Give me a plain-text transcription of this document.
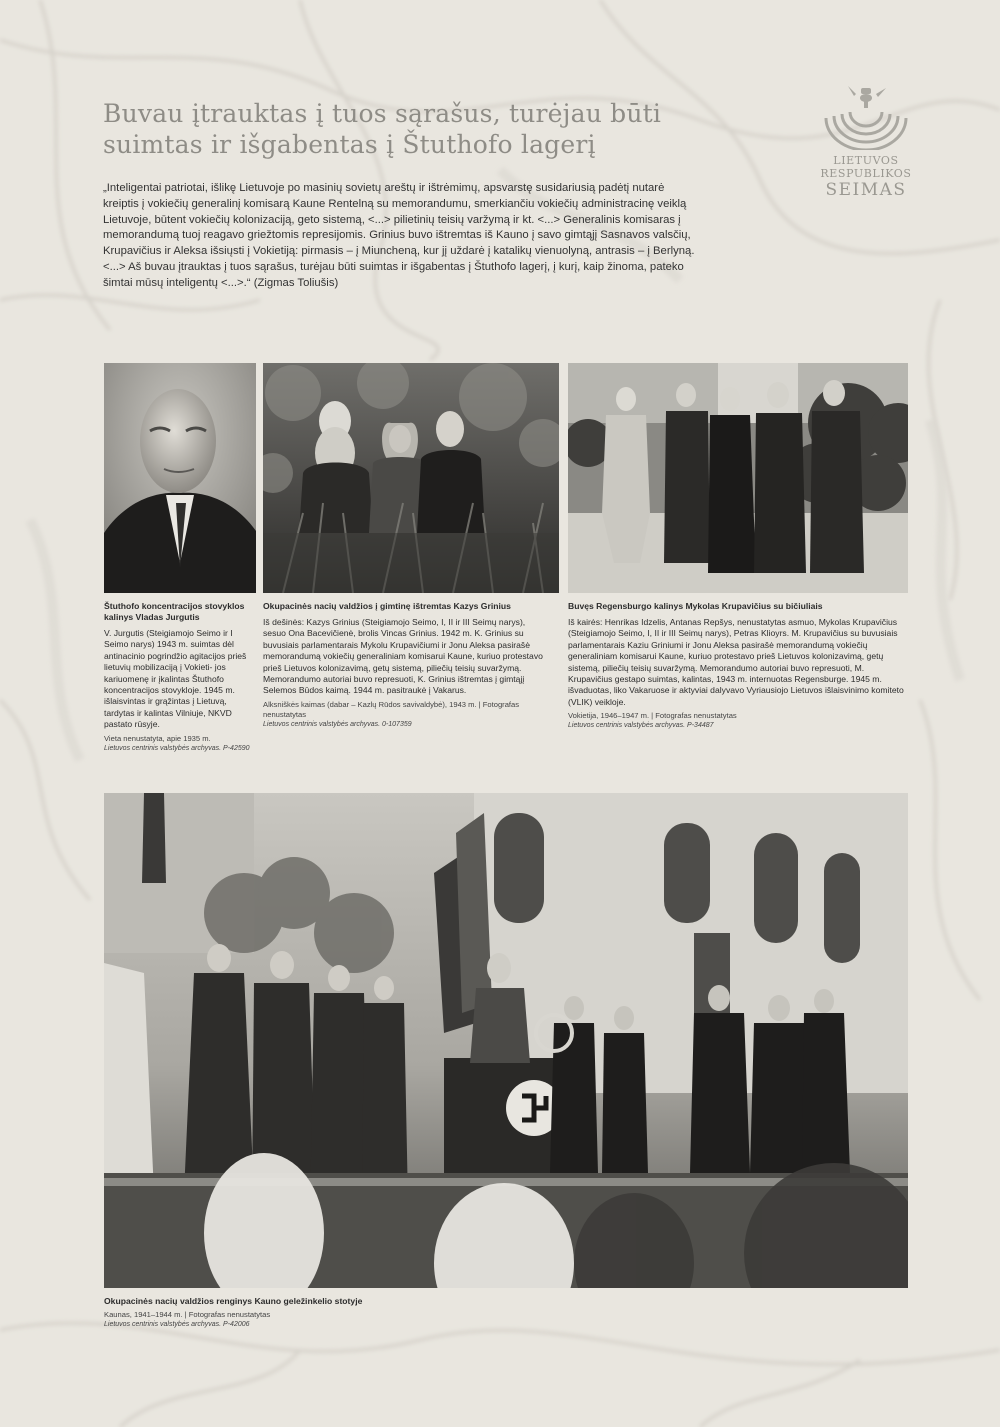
Buvau įtrauktas į tuos sąrašus, turėjau būti
suimtas ir išgabentas į Štuthofo lagerį
LIETUVOS RESPUBLIKOS
SEIMAS

„Inteligentai patriotai, išlikę Lietuvoje po masinių sovietų areštų ir ištrėmimų, apsvarstę susidariusią padėtį nutarė kreiptis į vokiečių generalinį komisarą Kaune Rentelną su memorandumu, smerkiančiu vokiečių administracinę veiklą Lietuvoje, būtent vokiečių kolonizaciją, geto sistemą, <...> pilietinių teisių varžymą ir kt. <...> Generalinis komisaras į memorandumą tuoj reagavo griežtomis represijomis. Grinius buvo ištremtas iš Kauno į savo gimtąjį Sasnavos valsčių, Krupavičius ir Aleksa išsiųsti į Vokietiją: pirmasis – į Miuncheną, kur jį uždarė į katalikų vienuolyną, antrasis – į Berlyną. <...> Aš buvau įtrauktas į tuos sąrašus, turėjau būti suimtas ir išgabentas į Štuthofo lagerį, į kurį, kaip žinoma, pateko šimtai mūsų inteligentų <...>.“ (Zigmas Toliušis)

Štuthofo koncentracijos stovyklos kalinys Vladas Jurgutis
V. Jurgutis (Steigiamojo Seimo ir I Seimo narys) 1943 m. suimtas dėl antinacinio pogrindžio agitacijos prieš lietuvių mobilizaciją į Vokieti- jos kariuomenę ir įkalintas Štuthofo koncentracijos stovykloje. 1945 m. išlaisvintas ir grąžintas į Lietuvą, tardytas ir kalintas Vilniuje, NKVD pastato rūsyje.
Vieta nenustatyta, apie 1935 m.
Lietuvos centrinis valstybės archyvas. P-42590
Okupacinės nacių valdžios į gimtinę ištremtas Kazys Grinius
Iš dešinės: Kazys Grinius (Steigiamojo Seimo, I, II ir III Seimų narys), sesuo Ona Bacevičienė, brolis Vincas Grinius. 1942 m. K. Grinius su buvusiais parlamentarais Mykolu Krupavičiumi ir Jonu Aleksa pasirašė memorandumą vokiečių generaliniam komisarui Kaune, kuriuo protestavo prieš Lietuvos kolonizavimą, getų sistemą, piliečių teisių suvaržymą. Memorandumo autoriai buvo represuoti, K. Grinius ištremtas į gimtąjį Selemos Būdos kaimą. 1944 m. pasitraukė į Vakarus.
Alksniškės kaimas (dabar – Kazlų Rūdos savivaldybė), 1943 m. | Fotografas nenustatytas
Lietuvos centrinis valstybės archyvas. 0-107359
Buvęs Regensburgo kalinys Mykolas Krupavičius su bičiuliais
Iš kairės: Henrikas Idzelis, Antanas Repšys, nenustatytas asmuo, Mykolas Krupavičius (Steigiamojo Seimo, I, II ir III Seimų narys), Petras Klioyrs. M. Krupavičius su buvusiais parlamentarais Kaziu Griniumi ir Jonu Aleksa pasirašė memorandumą vokiečių generaliniam komisarui Kaune, kuriuo protestavo prieš Lietuvos kolonizavimą, getų sistemą, piliečių teisių suvaržymą. Memorandumo autoriai buvo represuoti, M. Krupavičius gestapo suimtas, kalintas, 1943 m. internuotas Regensburge. 1945 m. išvaduotas, liko Vakaruose ir aktyviai dalyvavo Vyriausiojo Lietuvos išlaisvinimo komiteto (VLIK) veikloje.
Vokietija, 1946–1947 m. | Fotografas nenustatytas
Lietuvos centrinis valstybės archyvas. P-34487
Okupacinės nacių valdžios renginys Kauno geležinkelio stotyje
Kaunas, 1941–1944 m. | Fotografas nenustatytas
Lietuvos centrinis valstybės archyvas. P-42006
